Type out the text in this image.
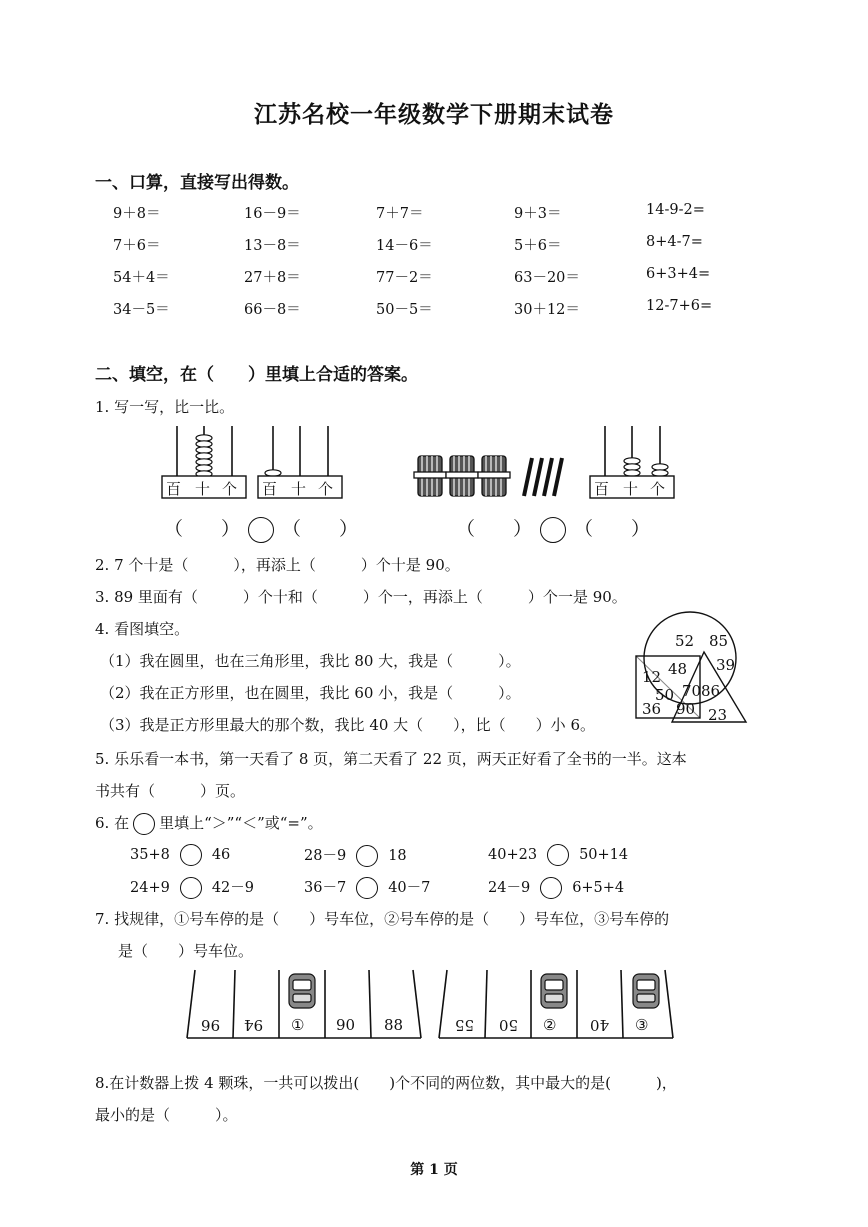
江苏名校一年级数学下册期末试卷
一、口算，直接写出得数。
9＋8＝	16－9＝	7＋7＝	9＋3＝	14-9-2=
7＋6＝	13－8＝	14－6＝	5＋6＝	8+4-7=
54＋4＝	27＋8＝	77－2＝	63－20＝	6+3+4=
34－5＝	66－8＝	50－5＝	30＋12＝	12-7+6=
二、填空，在（　　）里填上合适的答案。
1. 写一写，比一比。
百 十 个 百 十 个	百 十 个
（　　） （　　）	（　　） （　　）
2. 7 个十是（　　　），再添上（　　　）个十是 90。
3. 89 里面有（　　　）个十和（　　　）个一，再添上（　　　）个一是 90。
4. 看图填空。
（1）我在圆里，也在三角形里，我比 80 大，我是（　　　）。
（2）我在正方形里，也在圆里，我比 60 小，我是（　　　）。
（3）我是正方形里最大的那个数，我比 40 大（　　），比（　　）小 6。
52 85
39
48
12
50 70 86
36 90 23
5. 乐乐看一本书，第一天看了 8 页，第二天看了 22 页，两天正好看了全书的一半。这本
书共有（　　　）页。
6. 在 里填上“＞”“＜”或“=”。
35+8	46	28－9	18	40+23	50+14
24+9	42－9	36－7	40－7	24－9	6+5+4
7. 找规律，①号车停的是（　　）号车位，②号车停的是（　　）号车位，③号车停的
是（　　）号车位。
96 94 ① 90 88	55 50 ② 40 ③
8.在计数器上拨 4 颗珠，一共可以拨出(　　)个不同的两位数，其中最大的是(　　　)，
最小的是（　　　）。
第 1 页
